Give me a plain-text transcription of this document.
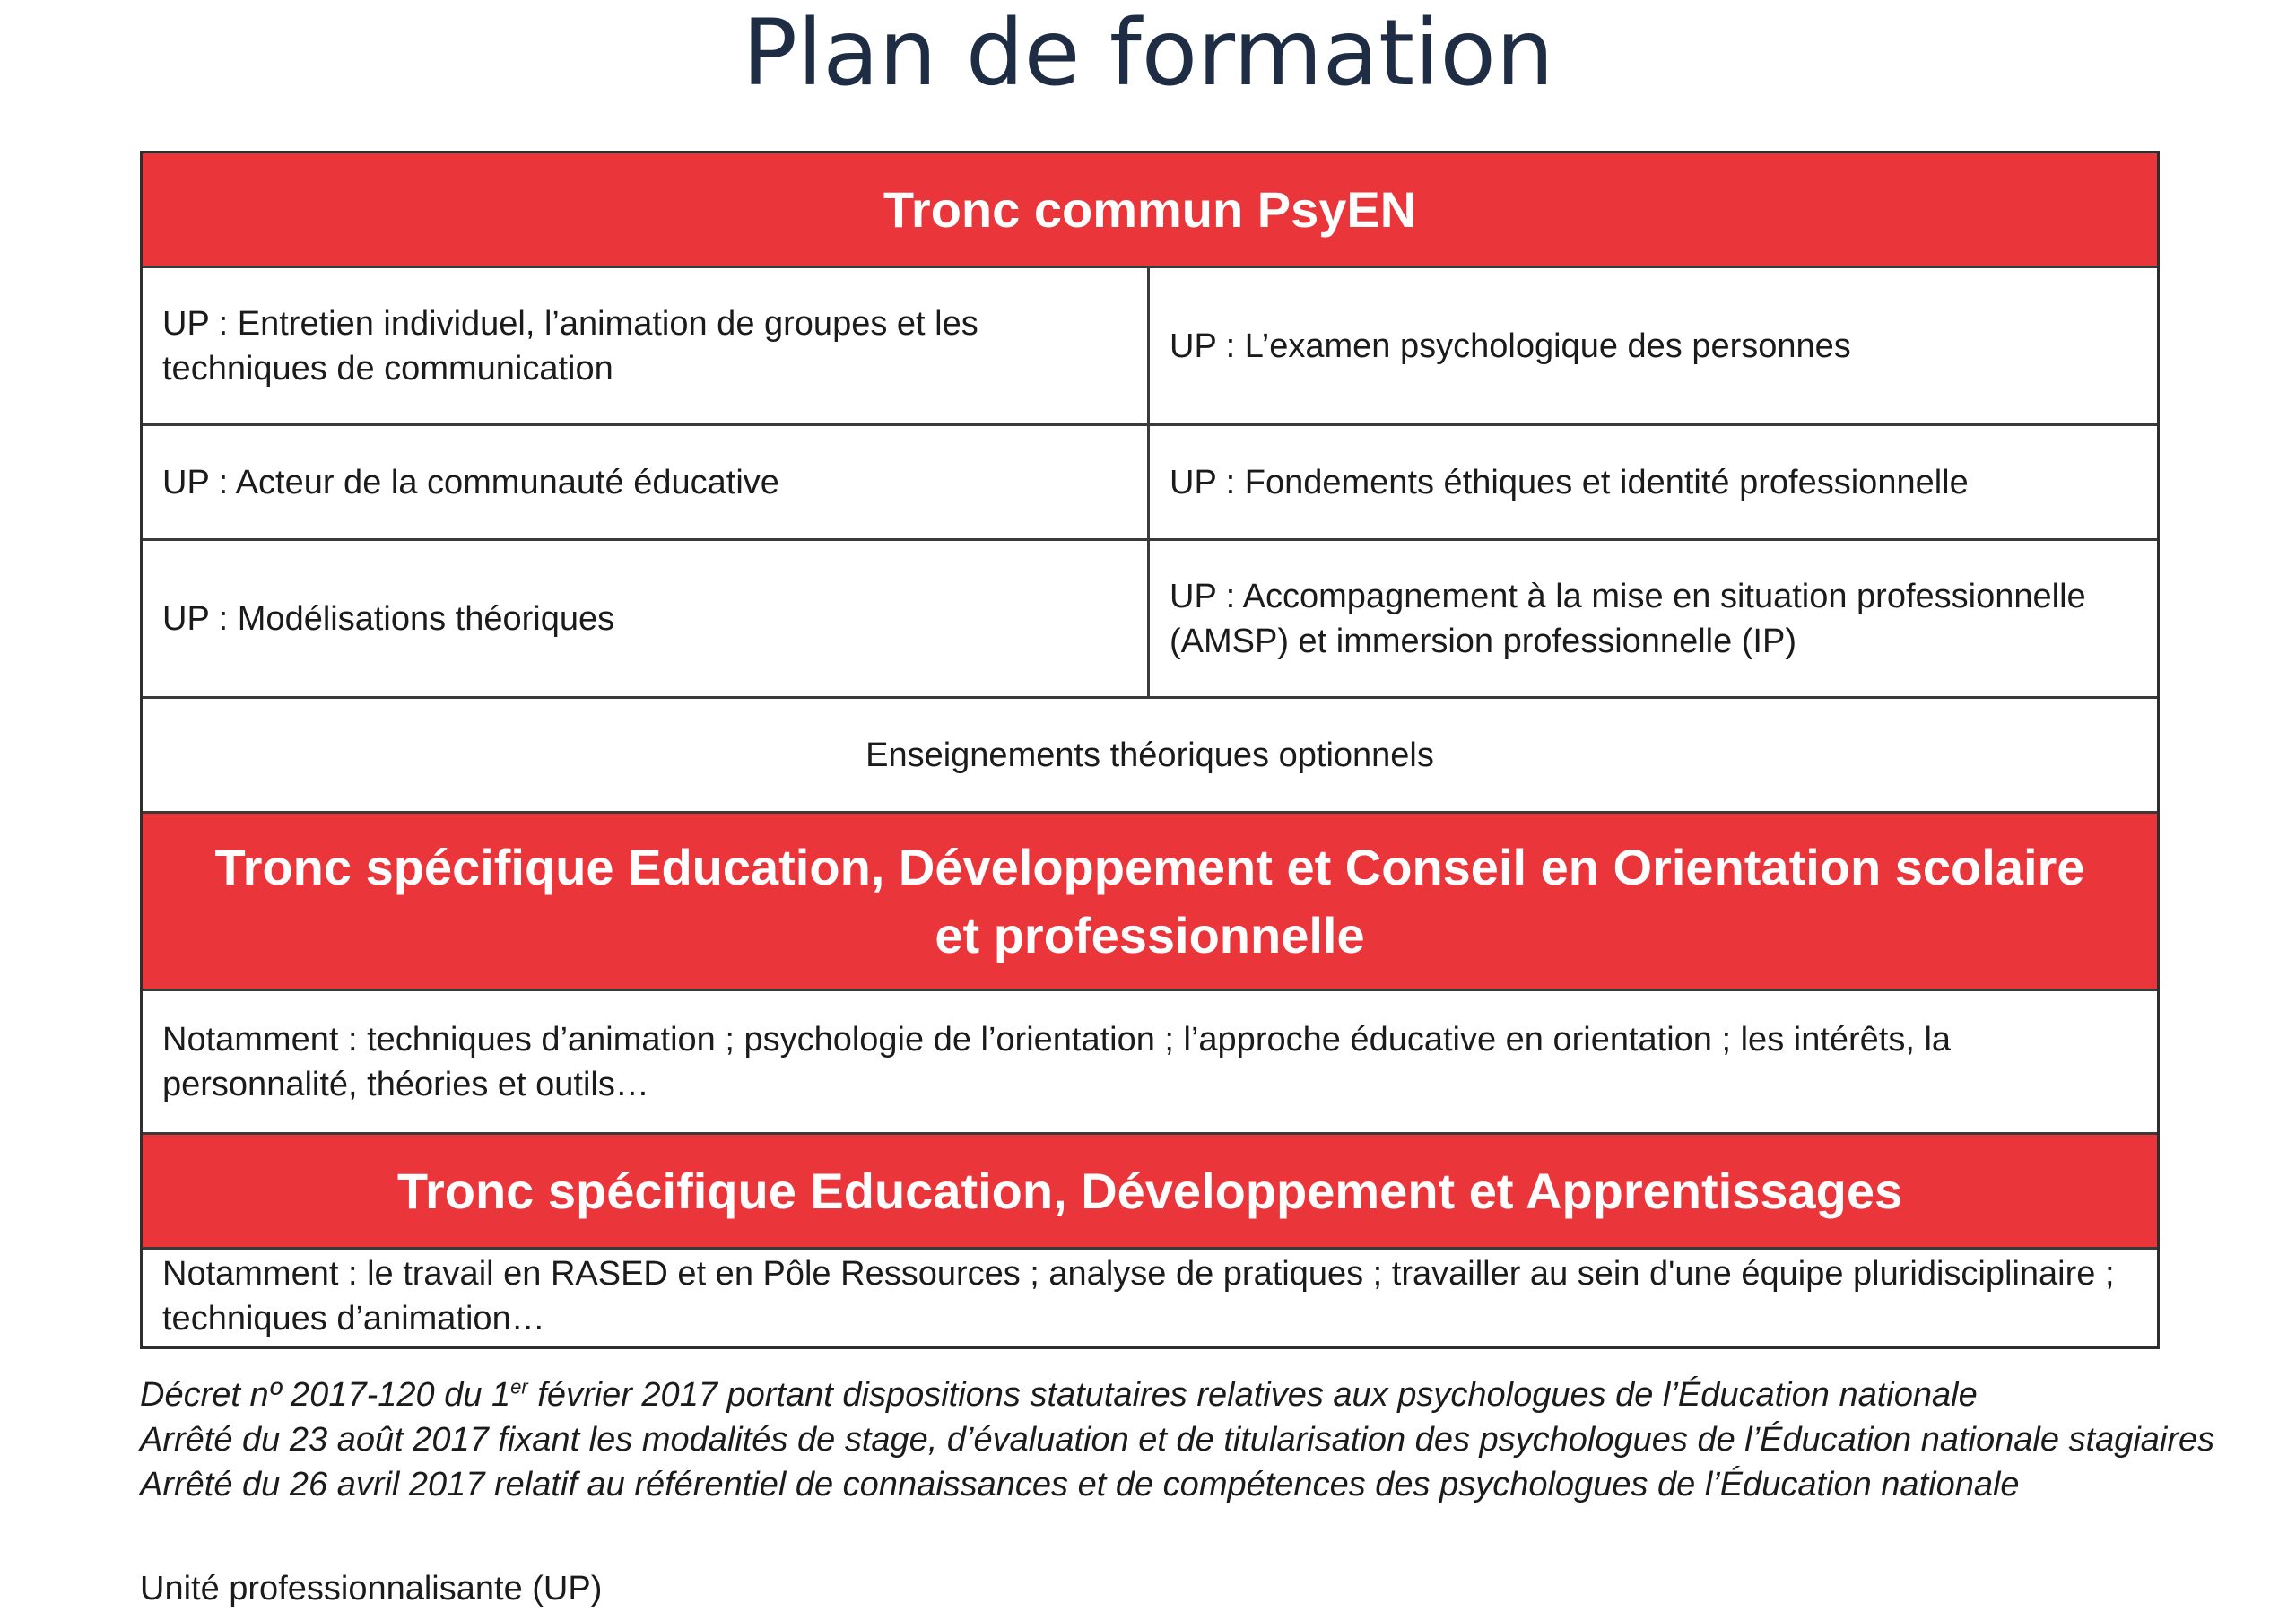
Plan de formation
Tronc commun PsyEN
UP : Entretien individuel, l’animation de groupes et les techniques de communication
UP : L’examen psychologique des personnes
UP : Acteur de la communauté éducative	UP : Fondements éthiques et identité professionnelle
UP : Modélisations théoriques
UP : Accompagnement à la mise en situation professionnelle (AMSP) et immersion professionnelle (IP)
Enseignements théoriques optionnels
Tronc spécifique Education, Développement et Conseil en Orientation scolaire
et professionnelle
Notamment : techniques d’animation ; psychologie de l’orientation ; l’approche éducative en orientation ; les intérêts, la personnalité, théories et outils…
Tronc spécifique Education, Développement et Apprentissages
Notamment : le travail en RASED et en Pôle Ressources ; analyse de pratiques ; travailler au sein d'une équipe pluridisciplinaire ; techniques d’animation…
Décret nº 2017-120 du 1er février 2017 portant dispositions statutaires relatives aux psychologues de l’Éducation nationale
Arrêté du 23 août 2017 fixant les modalités de stage, d’évaluation et de titularisation des psychologues de l’Éducation nationale stagiaires
Arrêté du 26 avril 2017 relatif au référentiel de connaissances et de compétences des psychologues de l’Éducation nationale
Unité professionnalisante (UP)
